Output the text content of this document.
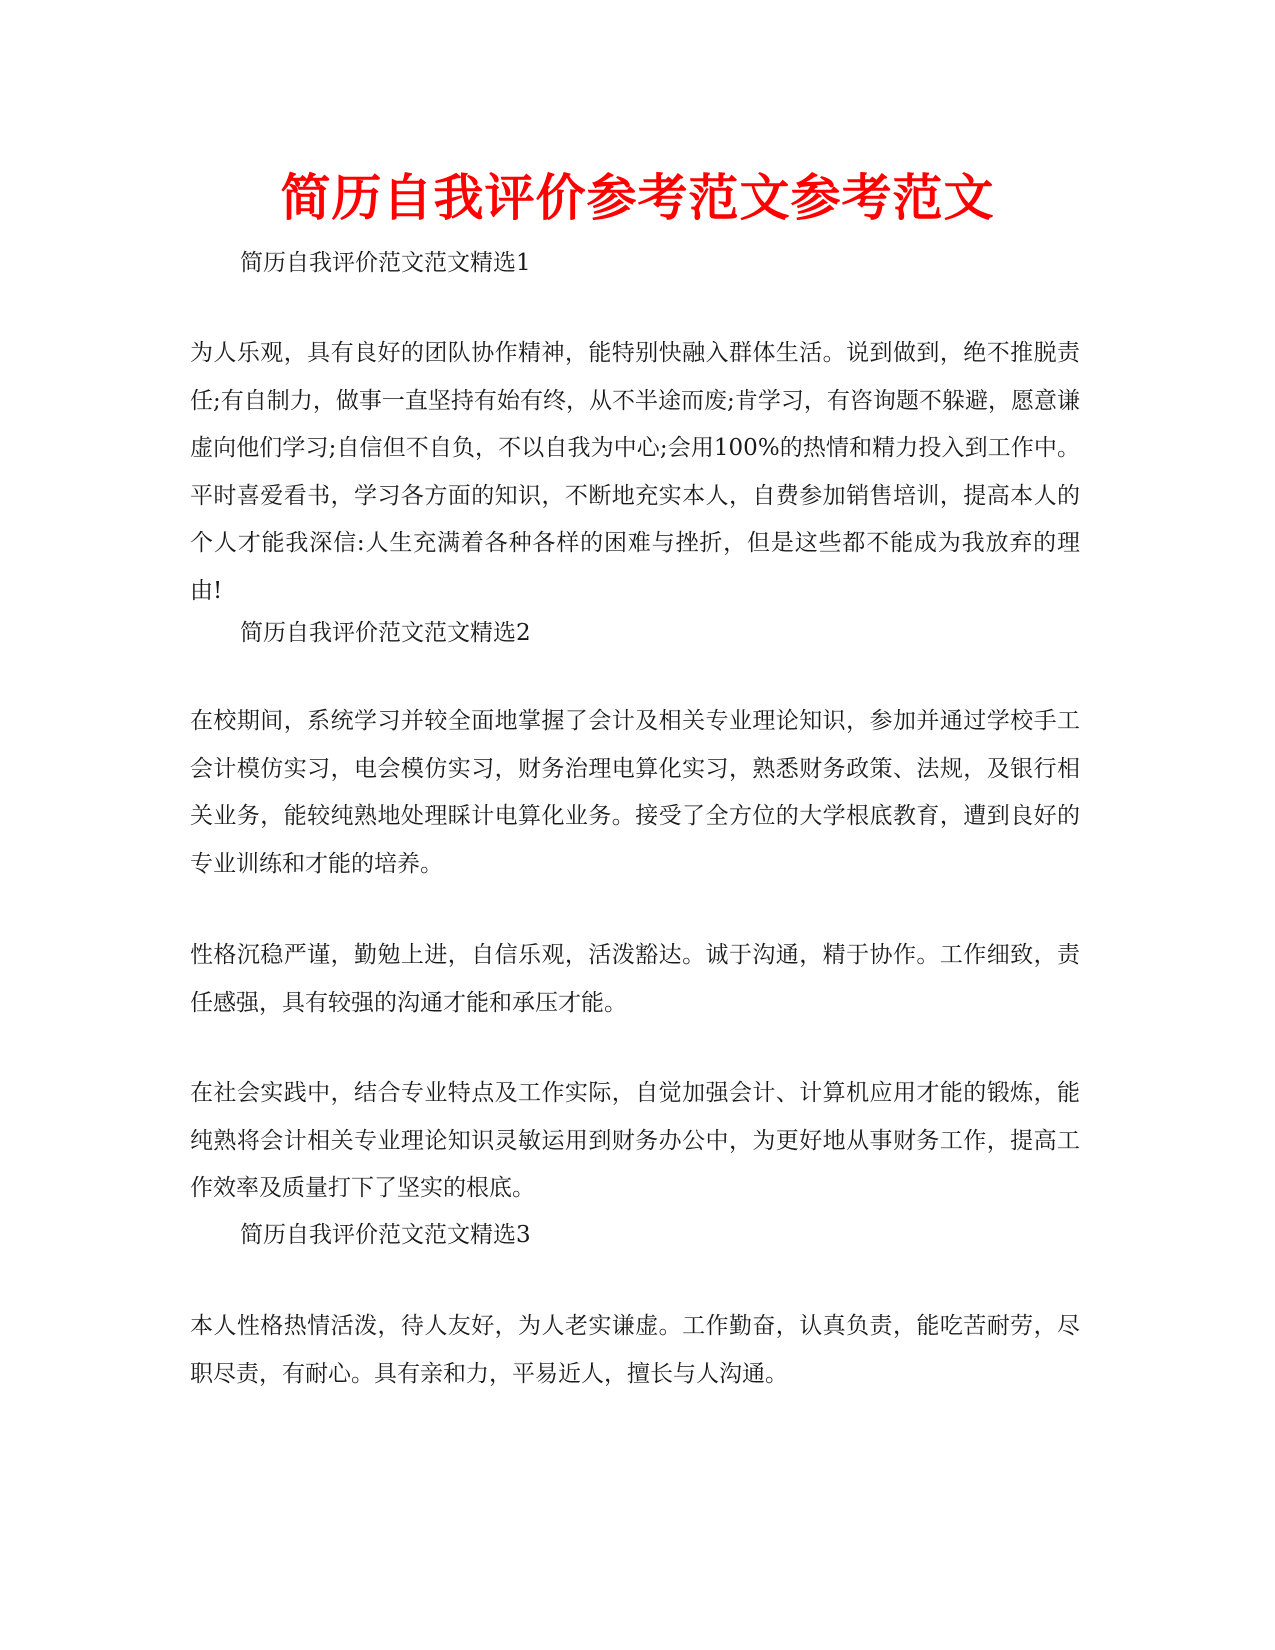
简历自我评价参考范文参考范文

简历自我评价范文范文精选1

为人乐观，具有良好的团队协作精神，能特别快融入群体生活。说到做到，绝不推脱责任;有自制力，做事一直坚持有始有终，从不半途而废;肯学习，有咨询题不躲避，愿意谦虚向他们学习;自信但不自负，不以自我为中心;会用100%的热情和精力投入到工作中。平时喜爱看书，学习各方面的知识，不断地充实本人，自费参加销售培训，提高本人的个人才能我深信:人生充满着各种各样的困难与挫折，但是这些都不能成为我放弃的理由!

简历自我评价范文范文精选2

在校期间，系统学习并较全面地掌握了会计及相关专业理论知识，参加并通过学校手工会计模仿实习，电会模仿实习，财务治理电算化实习，熟悉财务政策、法规，及银行相关业务，能较纯熟地处理睬计电算化业务。接受了全方位的大学根底教育，遭到良好的专业训练和才能的培养。

性格沉稳严谨，勤勉上进，自信乐观，活泼豁达。诚于沟通，精于协作。工作细致，责任感强，具有较强的沟通才能和承压才能。

在社会实践中，结合专业特点及工作实际，自觉加强会计、计算机应用才能的锻炼，能纯熟将会计相关专业理论知识灵敏运用到财务办公中，为更好地从事财务工作，提高工作效率及质量打下了坚实的根底。

简历自我评价范文范文精选3

本人性格热情活泼，待人友好，为人老实谦虚。工作勤奋，认真负责，能吃苦耐劳，尽职尽责，有耐心。具有亲和力，平易近人，擅长与人沟通。
